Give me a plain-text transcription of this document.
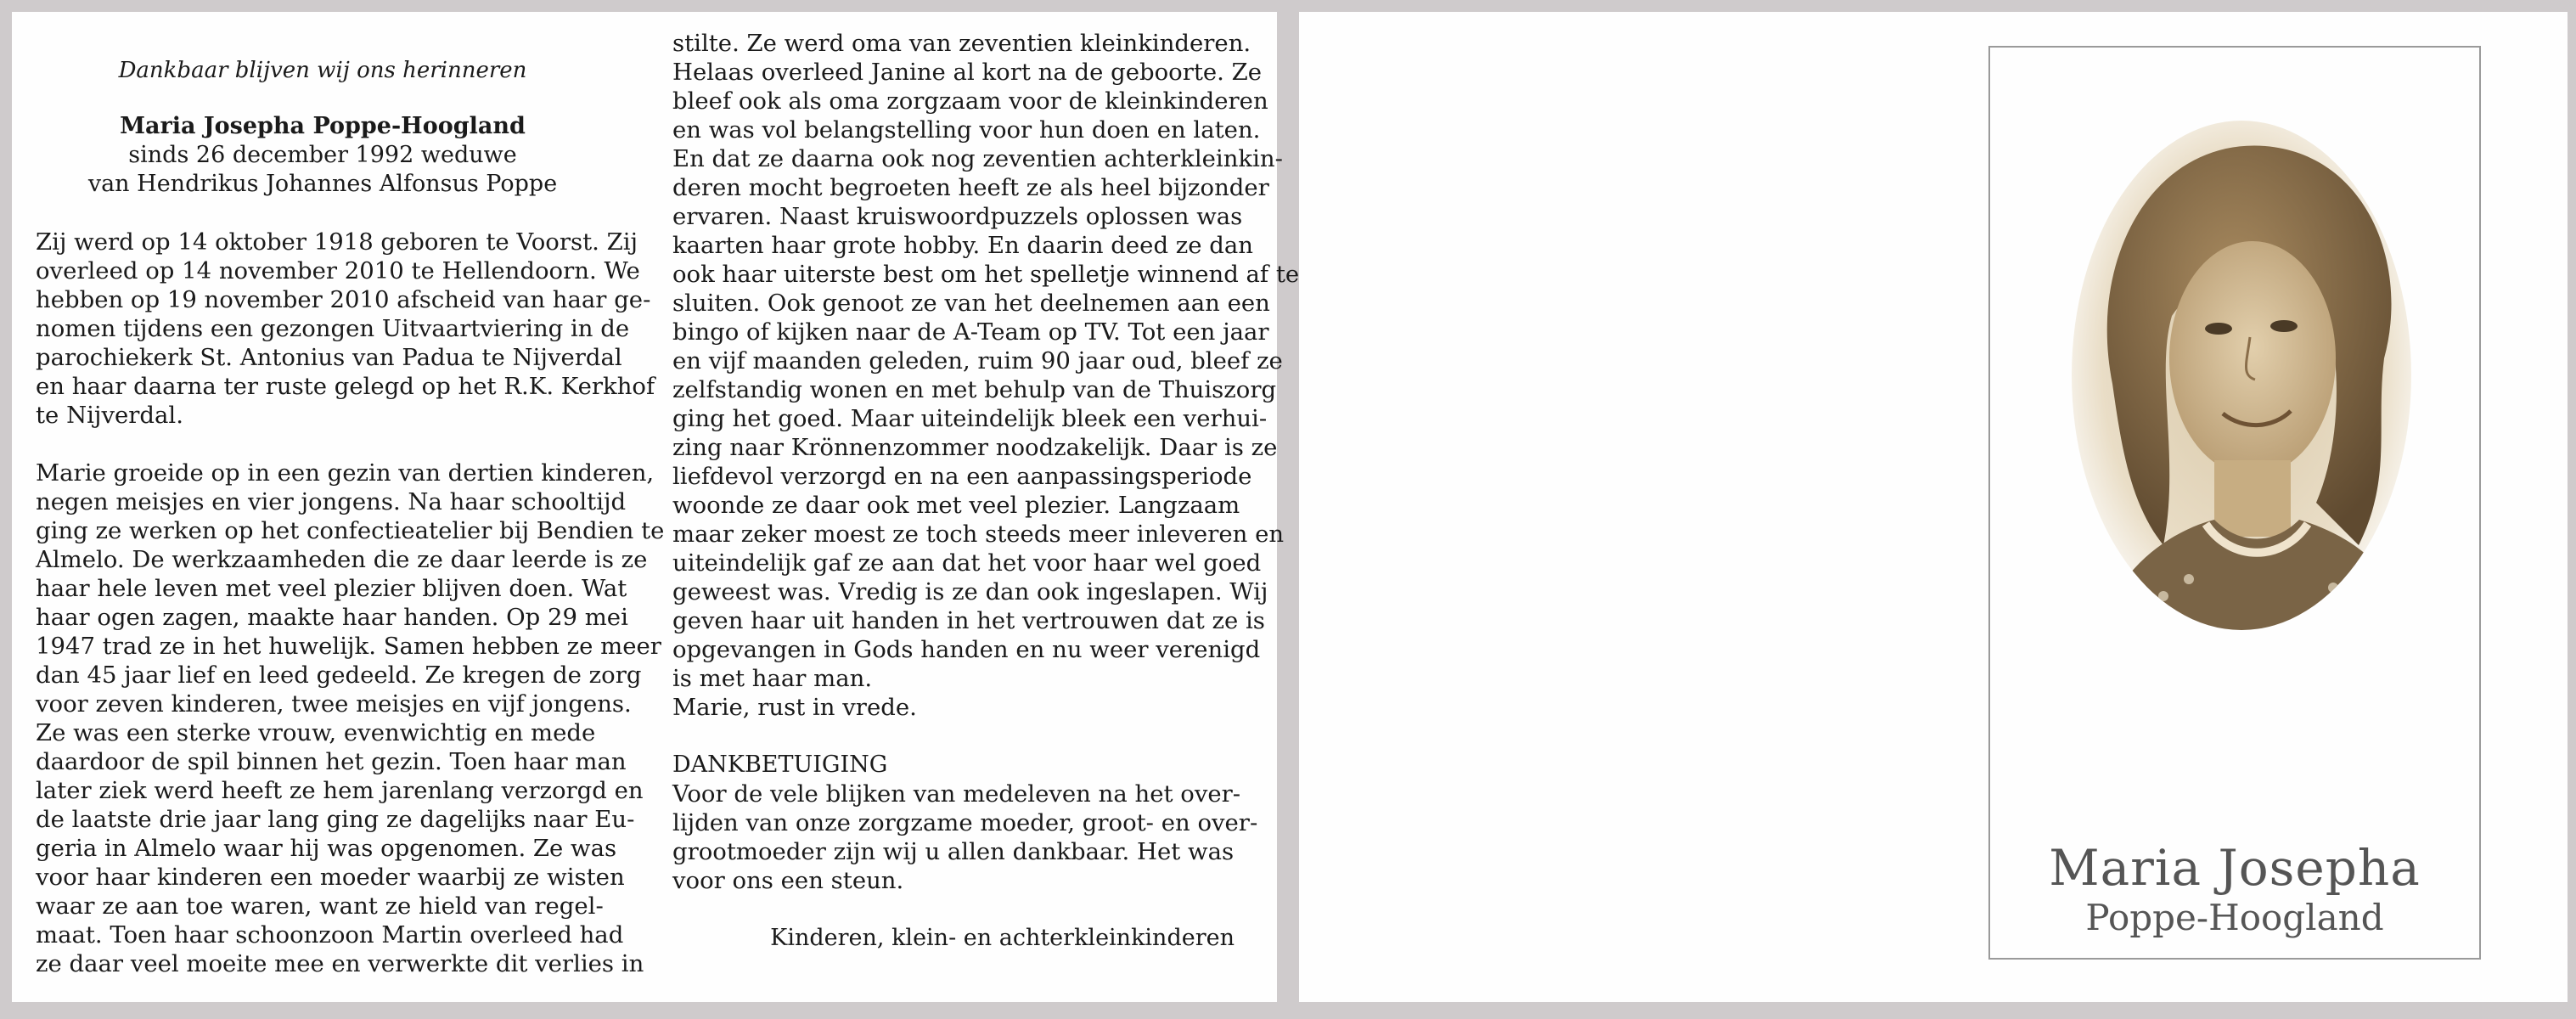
Dankbaar blijven wij ons herinneren
Maria Josepha Poppe-Hoogland
sinds 26 december 1992 weduwe
van Hendrikus Johannes Alfonsus Poppe

Zij werd op 14 oktober 1918 geboren te Voorst. Zij
overleed op 14 november 2010 te Hellendoorn. We
hebben op 19 november 2010 afscheid van haar ge-
nomen tijdens een gezongen Uitvaartviering in de
parochiekerk St. Antonius van Padua te Nijverdal
en haar daarna ter ruste gelegd op het R.K. Kerkhof
te Nijverdal.

Marie groeide op in een gezin van dertien kinderen,
negen meisjes en vier jongens. Na haar schooltijd
ging ze werken op het confectieatelier bij Bendien te
Almelo. De werkzaamheden die ze daar leerde is ze
haar hele leven met veel plezier blijven doen. Wat
haar ogen zagen, maakte haar handen. Op 29 mei
1947 trad ze in het huwelijk. Samen hebben ze meer
dan 45 jaar lief en leed gedeeld. Ze kregen de zorg
voor zeven kinderen, twee meisjes en vijf jongens.
Ze was een sterke vrouw, evenwichtig en mede
daardoor de spil binnen het gezin. Toen haar man
later ziek werd heeft ze hem jarenlang verzorgd en
de laatste drie jaar lang ging ze dagelijks naar Eu-
geria in Almelo waar hij was opgenomen. Ze was
voor haar kinderen een moeder waarbij ze wisten
waar ze aan toe waren, want ze hield van regel-
maat. Toen haar schoonzoon Martin overleed had
ze daar veel moeite mee en verwerkte dit verlies in

stilte. Ze werd oma van zeventien kleinkinderen.
Helaas overleed Janine al kort na de geboorte. Ze
bleef ook als oma zorgzaam voor de kleinkinderen
en was vol belangstelling voor hun doen en laten.
En dat ze daarna ook nog zeventien achterkleinkin-
deren mocht begroeten heeft ze als heel bijzonder
ervaren. Naast kruiswoordpuzzels oplossen was
kaarten haar grote hobby. En daarin deed ze dan
ook haar uiterste best om het spelletje winnend af te
sluiten. Ook genoot ze van het deelnemen aan een
bingo of kijken naar de A-Team op TV. Tot een jaar
en vijf maanden geleden, ruim 90 jaar oud, bleef ze
zelfstandig wonen en met behulp van de Thuiszorg
ging het goed. Maar uiteindelijk bleek een verhui-
zing naar Krönnenzommer noodzakelijk. Daar is ze
liefdevol verzorgd en na een aanpassingsperiode
woonde ze daar ook met veel plezier. Langzaam
maar zeker moest ze toch steeds meer inleveren en
uiteindelijk gaf ze aan dat het voor haar wel goed
geweest was. Vredig is ze dan ook ingeslapen. Wij
geven haar uit handen in het vertrouwen dat ze is
opgevangen in Gods handen en nu weer verenigd
is met haar man.
Marie, rust in vrede.

DANKBETUIGING

Voor de vele blijken van medeleven na het over-
lijden van onze zorgzame moeder, groot- en over-
grootmoeder zijn wij u allen dankbaar. Het was
voor ons een steun.

Kinderen, klein- en achterkleinkinderen
Maria Josepha
Poppe-Hoogland
